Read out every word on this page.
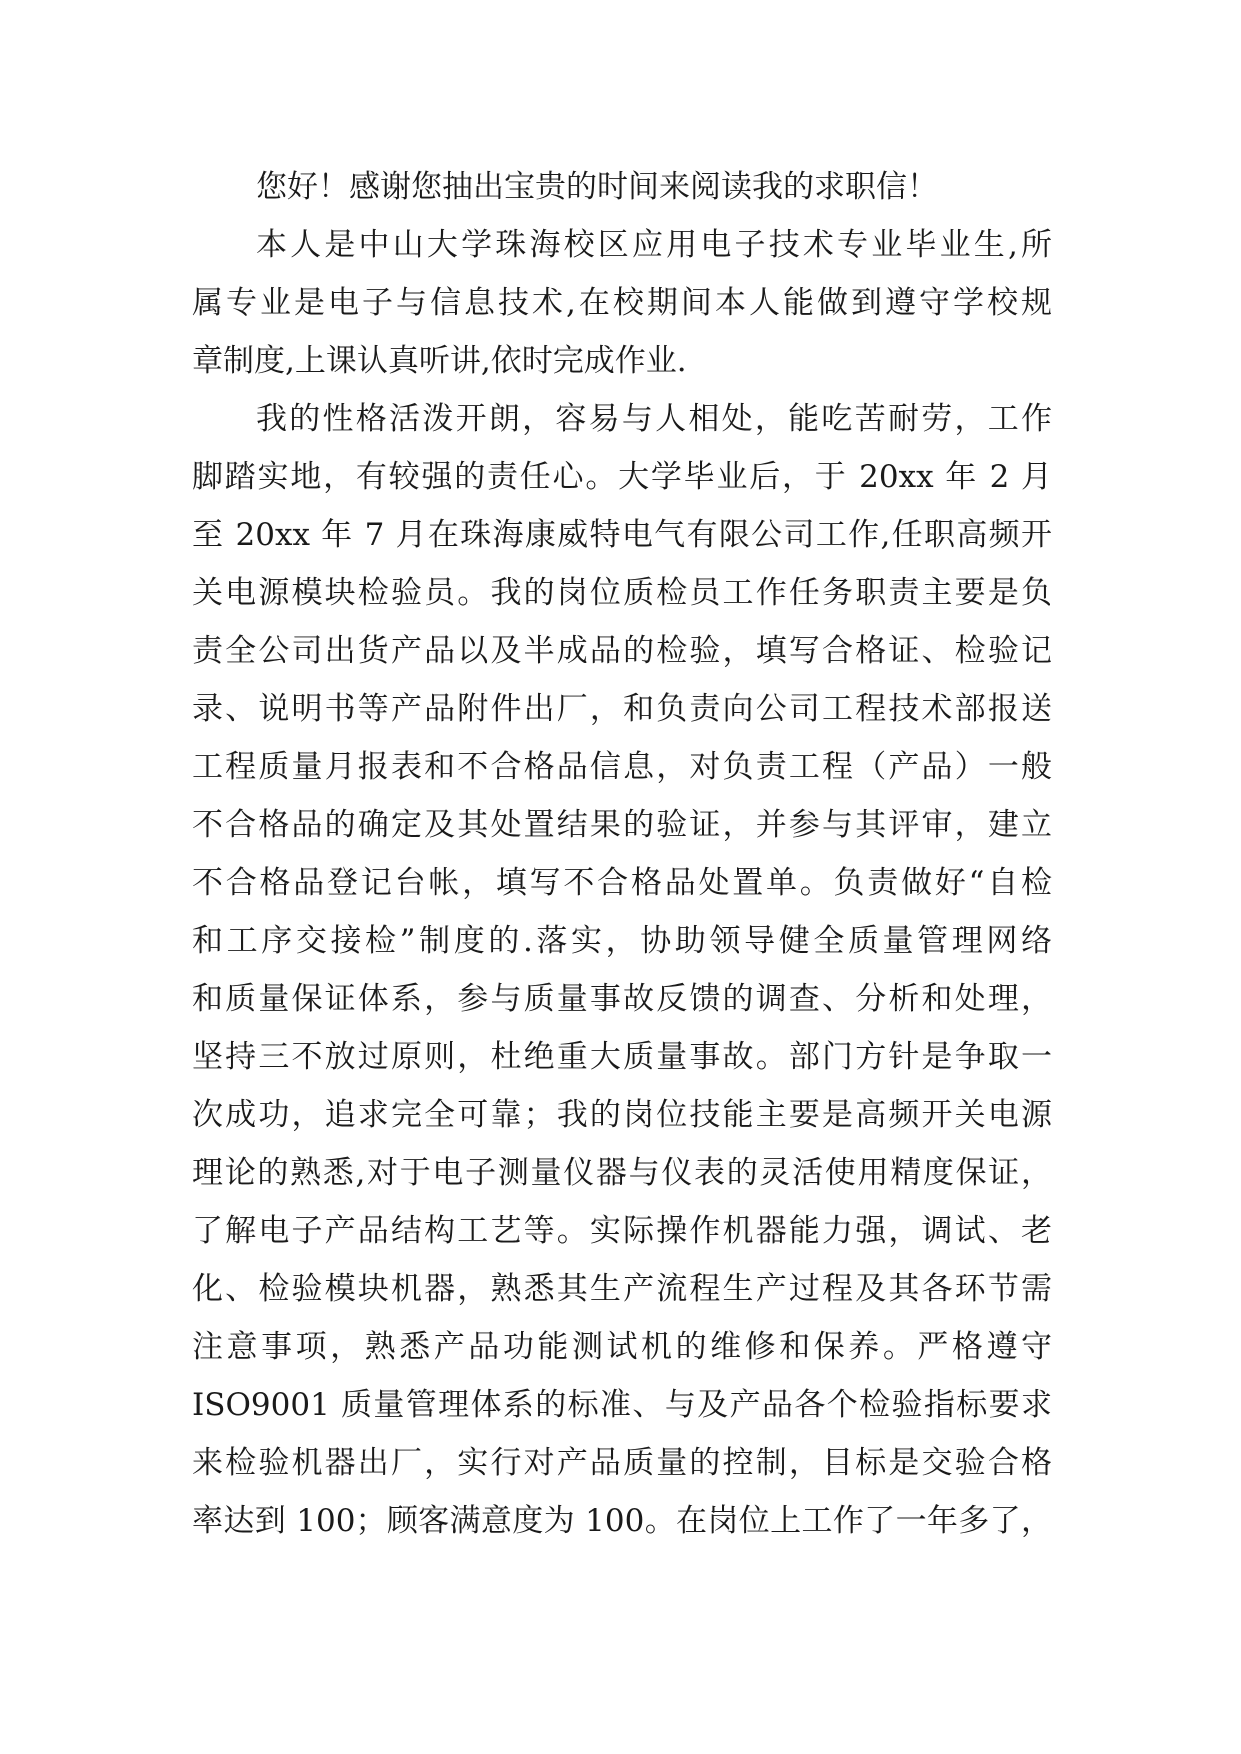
您好！感谢您抽出宝贵的时间来阅读我的求职信！
本人是中山大学珠海校区应用电子技术专业毕业生,所
属专业是电子与信息技术,在校期间本人能做到遵守学校规
章制度,上课认真听讲,依时完成作业.
我的性格活泼开朗，容易与人相处，能吃苦耐劳，工作
脚踏实地，有较强的责任心。大学毕业后，于 20xx 年 2 月
至 20xx 年 7 月在珠海康威特电气有限公司工作,任职高频开
关电源模块检验员。我的岗位质检员工作任务职责主要是负
责全公司出货产品以及半成品的检验，填写合格证、检验记
录、说明书等产品附件出厂，和负责向公司工程技术部报送
工程质量月报表和不合格品信息，对负责工程（产品）一般
不合格品的确定及其处置结果的验证，并参与其评审，建立
不合格品登记台帐，填写不合格品处置单。负责做好“自检
和工序交接检”制度的.落实，协助领导健全质量管理网络
和质量保证体系，参与质量事故反馈的调查、分析和处理，
坚持三不放过原则，杜绝重大质量事故。部门方针是争取一
次成功，追求完全可靠；我的岗位技能主要是高频开关电源
理论的熟悉,对于电子测量仪器与仪表的灵活使用精度保证，
了解电子产品结构工艺等。实际操作机器能力强，调试、老
化、检验模块机器，熟悉其生产流程生产过程及其各环节需
注意事项，熟悉产品功能测试机的维修和保养。严格遵守
ISO9001 质量管理体系的标准、与及产品各个检验指标要求
来检验机器出厂，实行对产品质量的控制，目标是交验合格
率达到 100；顾客满意度为 100。在岗位上工作了一年多了，
